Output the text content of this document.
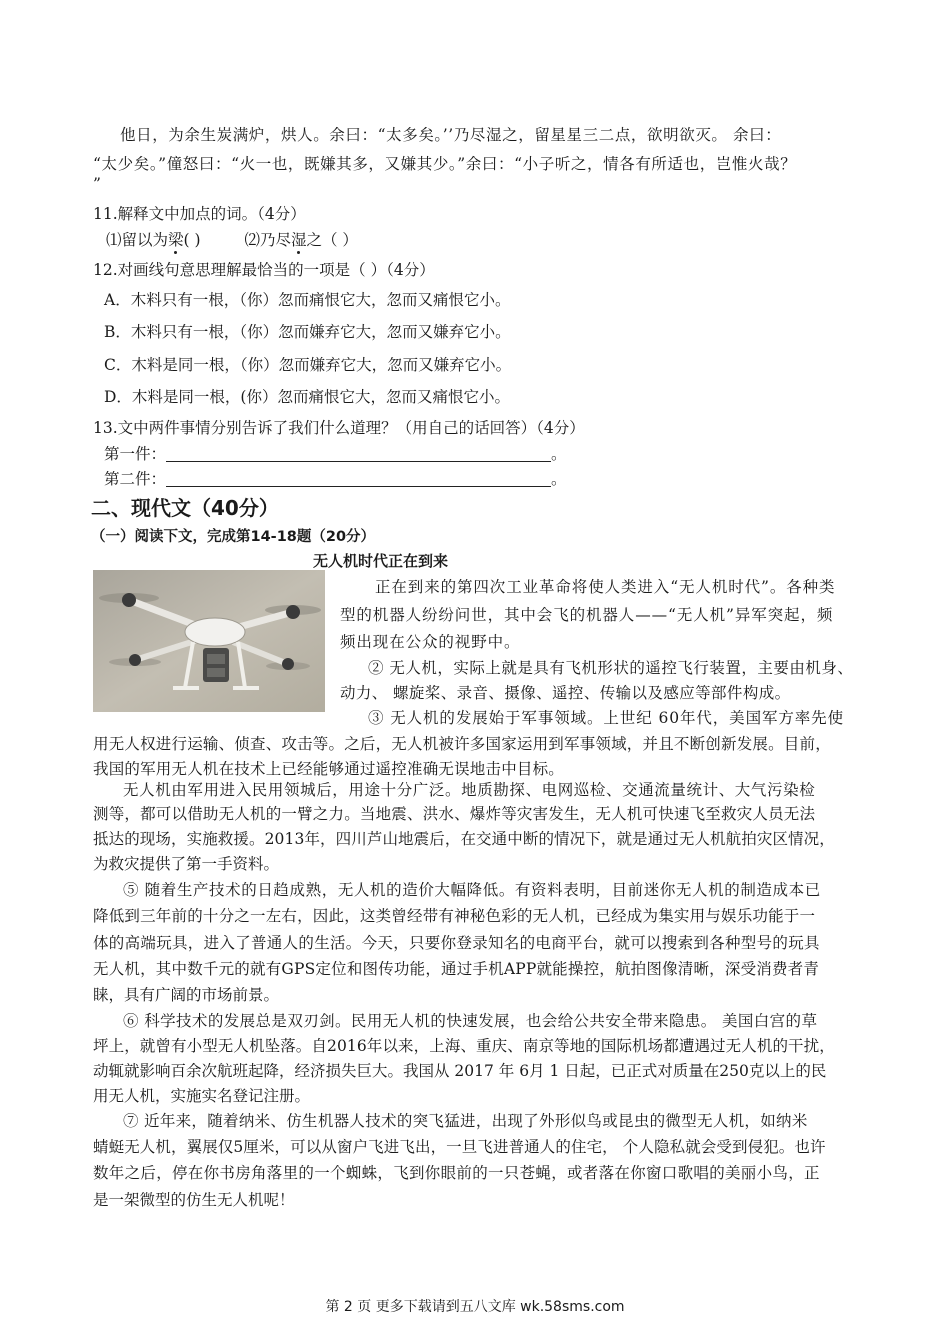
他日，为余生炭满炉，烘人。余曰：“太多矣。’’乃尽湿之，留星星三二点，欲明欲灭。 余曰：
“太少矣。”僮怒曰：“火一也，既嫌其多，又嫌其少。”余曰：“小子听之，情各有所适也，岂惟火哉？
”
11.解释文中加点的词。（4分）
⑴留以为梁( )	⑵乃尽湿之（ ）
12.对画线句意思理解最恰当的一项是（ ）（4分）
A．木料只有一根，（你）忽而痛恨它大，忽而又痛恨它小。
B．木料只有一根，（你）忽而嫌弃它大，忽而又嫌弃它小。
C．木料是同一根，（你）忽而嫌弃它大，忽而又嫌弃它小。
D．木料是同一根，(你）忽而痛恨它大，忽而又痛恨它小。
13.文中两件事情分别告诉了我们什么道理？（用自己的话回答）（4分）
第一件：	。
第二件：	。
二、现代文（40分）
（一）阅读下文，完成第14-18题（20分）
无人机时代正在到来
正在到来的第四次工业革命将使人类进入“无人机时代”。各种类
型的机器人纷纷问世，其中会飞的机器人——“无人机”异军突起，频
频出现在公众的视野中。
② 无人机，实际上就是具有飞机形状的遥控飞行装置，主要由机身、
动力、 螺旋桨、录音、摄像、遥控、传输以及感应等部件构成。
③ 无人机的发展始于军事领域。上世纪 60年代，美国军方率先使
用无人权进行运输、侦查、攻击等。之后，无人机被许多国家运用到军事领域，并且不断创新发展。目前，
我国的军用无人机在技术上已经能够通过遥控准确无误地击中目标。
无人机由军用进入民用领城后，用途十分广泛。地质勘探、电网巡检、交通流量统计、大气污染检
测等，都可以借助无人机的一臂之力。当地震、洪水、爆炸等灾害发生，无人机可快速飞至救灾人员无法
抵达的现场，实施救援。2013年，四川芦山地震后，在交通中断的情况下，就是通过无人机航拍灾区情况，
为救灾提供了第一手资料。
⑤ 随着生产技术的日趋成熟，无人机的造价大幅降低。有资料表明，目前迷你无人机的制造成本已
降低到三年前的十分之一左右，因此，这类曾经带有神秘色彩的无人机，已经成为集实用与娱乐功能于一
体的高端玩具，进入了普通人的生活。今天，只要你登录知名的电商平台，就可以搜索到各种型号的玩具
无人机，其中数千元的就有GPS定位和图传功能，通过手机APP就能操控，航拍图像清晰，深受消费者青
睐，具有广阔的市场前景。
⑥ 科学技术的发展总是双刃剑。民用无人机的快速发展，也会给公共安全带来隐患。 美国白宫的草
坪上，就曾有小型无人机坠落。自2016年以来，上海、重庆、南京等地的国际机场都遭遇过无人机的干扰，
动辄就影响百余次航班起降，经济损失巨大。我国从 2017 年 6月 1 日起，已正式对质量在250克以上的民
用无人机，实施实名登记注册。
⑦ 近年来，随着纳米、仿生机器人技术的突飞猛进，出现了外形似鸟或昆虫的微型无人机，如纳米
蜻蜓无人机，翼展仅5厘米，可以从窗户飞进飞出，一旦飞进普通人的住宅， 个人隐私就会受到侵犯。也许
数年之后，停在你书房角落里的一个蜘蛛，飞到你眼前的一只苍蝇，或者落在你窗口歌唱的美丽小鸟，正
是一架微型的仿生无人机呢！
第 2 页 更多下载请到五八文库 wk.58sms.com
